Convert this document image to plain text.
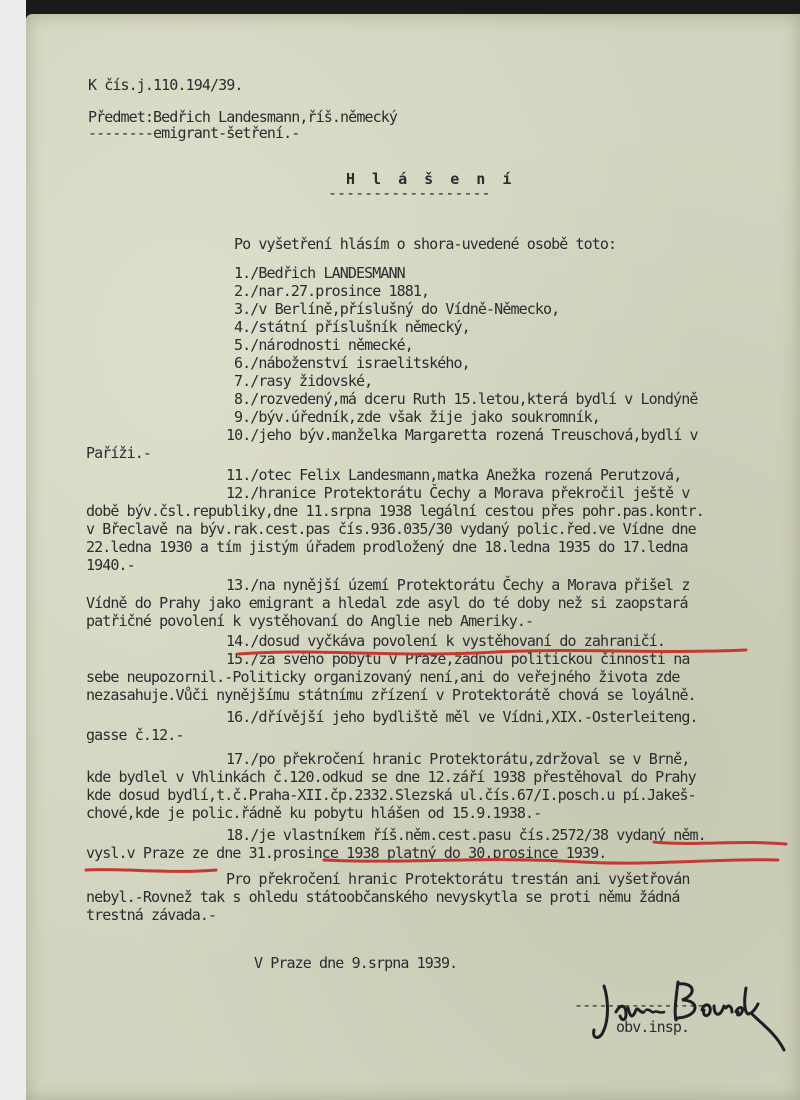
K čís.j.110.194/39.
Předmet:Bedřich Landesmann,říš.německý
--------emigrant-šetření.-
H l á š e n í
------------------
Po vyšetření hlásím o shora-uvedené osobě toto:
1./Bedřich LANDESMANN
2./nar.27.prosince 1881,
3./v Berlíně,příslušný do Vídně-Německo,
4./státní příslušník německý,
5./národnosti německé,
6./náboženství israelitského,
7./rasy židovské,
8./rozvedený,má dceru Ruth 15.letou,která bydlí v Londýně
9./býv.úředník,zde však žije jako soukromník,
10./jeho býv.manželka Margaretta rozená Treuschová,bydlí v
Paříži.-
11./otec Felix Landesmann,matka Anežka rozená Perutzová,
12./hranice Protektorátu Čechy a Morava překročil ještě v
době býv.čsl.republiky,dne 11.srpna 1938 legální cestou přes pohr.pas.kontr.
v Břeclavě na býv.rak.cest.pas čís.936.035/30 vydaný polic.řed.ve Vídne dne
22.ledna 1930 a tím jistým úřadem prodložený dne 18.ledna 1935 do 17.ledna
1940.-
13./na nynější území Protektorátu Čechy a Morava přišel z
Vídně do Prahy jako emigrant a hledal zde asyl do té doby než si zaopstará
patřičné povolení k vystěhovaní do Anglie neb Ameriky.-
14./dosud vyčkáva povolení k vystěhovaní do zahraničí.
15./za svého pobytu v Praze,žádnou politickou činnosti na
sebe neupozornil.-Politicky organizovaný není,ani do veřejného života zde
nezasahuje.Vůči nynějšímu státnímu zřízení v Protektorátě chová se loyálně.
16./dřívější jeho bydliště měl ve Vídni,XIX.-Osterleiteng.
gasse č.12.-
17./po překročení hranic Protektorátu,zdržoval se v Brně,
kde bydlel v Vhlinkách č.120.odkud se dne 12.září 1938 přestěhoval do Prahy
kde dosud bydlí,t.č.Praha-XII.čp.2332.Slezská ul.čís.67/I.posch.u pí.Jakeš-
chové,kde je polic.řádně ku pobytu hlášen od 15.9.1938.-
18./je vlastníkem říš.něm.cest.pasu čís.2572/38 vydaný něm.
vysl.v Praze ze dne 31.prosince 1938 platný do 30.prosince 1939.
Pro překročení hranic Protektorátu trestán ani vyšetřován
nebyl.-Rovnež tak s ohledu státoobčanského nevyskytla se proti němu žádná
trestná závada.-
V Praze dne 9.srpna 1939.
-----------------
obv.insp.
